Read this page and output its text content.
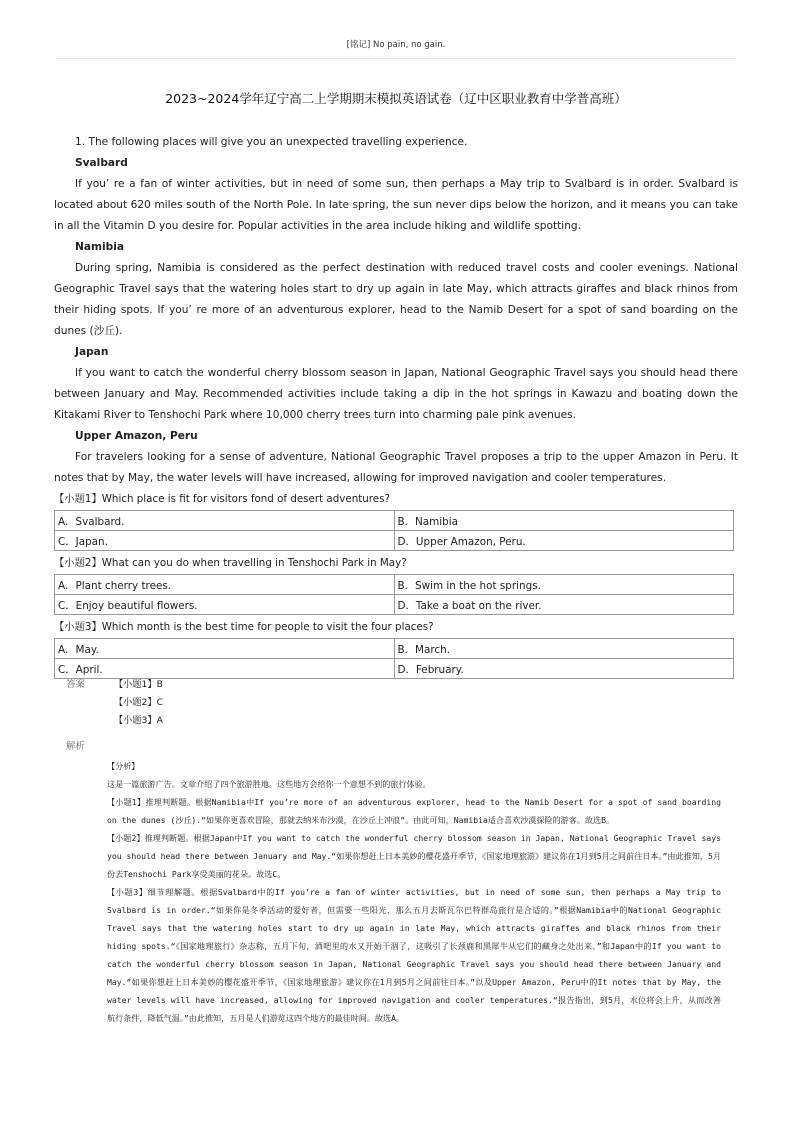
[铭记] No pain, no gain.
2023~2024学年辽宁高二上学期期末模拟英语试卷（辽中区职业教育中学普高班）
1. The following places will give you an unexpected travelling experience.
Svalbard

If you’ re a fan of winter activities, but in need of some sun, then perhaps a May trip to Svalbard is in order. Svalbard is located about 620 miles south of the North Pole. In late spring, the sun never dips below the horizon, and it means you can take in all the Vitamin D you desire for. Popular activities in the area include hiking and wildlife spotting.

Namibia

During spring, Namibia is considered as the perfect destination with reduced travel costs and cooler evenings. National Geographic Travel says that the watering holes start to dry up again in late May, which attracts giraffes and black rhinos from their hiding spots. If you’ re more of an adventurous explorer, head to the Namib Desert for a spot of sand boarding on the dunes (沙丘).

Japan

If you want to catch the wonderful cherry blossom season in Japan, National Geographic Travel says you should head there between January and May. Recommended activities include taking a dip in the hot springs in Kawazu and boating down the Kitakami River to Tenshochi Park where 10,000 cherry trees turn into charming pale pink avenues.

Upper Amazon, Peru

For travelers looking for a sense of adventure, National Geographic Travel proposes a trip to the upper Amazon in Peru. It notes that by May, the water levels will have increased, allowing for improved navigation and cooler temperatures.

【小题1】Which place is fit for visitors fond of desert adventures?
A．Svalbard.	B．Namibia
C．Japan.	D．Upper Amazon, Peru.
【小题2】What can you do when travelling in Tenshochi Park in May?
A．Plant cherry trees.	B．Swim in the hot springs.
C．Enjoy beautiful flowers.	D．Take a boat on the river.
【小题3】Which month is the best time for people to visit the four places?
A．May.	B．March.
C．April.	D．February.
答案	【小题1】B
【小题2】C
【小题3】A
解析

【分析】

这是一篇旅游广告。文章介绍了四个旅游胜地。这些地方会给你一个意想不到的旅行体验。

【小题1】推理判断题。根据Namibia中If you’re more of an adventurous explorer, head to the Namib Desert for a spot of sand boarding on the dunes (沙丘).“如果你更喜欢冒险，那就去纳米布沙漠，在沙丘上冲浪”。由此可知，Namibia适合喜欢沙漠探险的游客。故选B。

【小题2】推理判断题。根据Japan中If you want to catch the wonderful cherry blossom season in Japan, National Geographic Travel says you should head there between January and May.“如果你想赶上日本美妙的樱花盛开季节，《国家地理旅游》建议你在1月到5月之间前往日本。”由此推知，5月份去Tenshochi Park享受美丽的花朵。故选C。

【小题3】细节理解题。根据Svalbard中的If you’re a fan of winter activities, but in need of some sun, then perhaps a May trip to Svalbard is in order.“如果你是冬季活动的爱好者，但需要一些阳光，那么五月去斯瓦尔巴特群岛旅行是合适的。”根据Namibia中的National Geographic Travel says that the watering holes start to dry up again in late May, which attracts giraffes and black rhinos from their hiding spots.“《国家地理旅行》杂志称，五月下旬，酒吧里的水又开始干涸了，这吸引了长颈鹿和黑犀牛从它们的藏身之处出来。”和Japan中的If you want to catch the wonderful cherry blossom season in Japan, National Geographic Travel says you should head there between January and May.“如果你想赶上日本美妙的樱花盛开季节，《国家地理旅游》建议你在1月到5月之间前往日本。”以及Upper Amazon, Peru中的It notes that by May, the water levels will have increased, allowing for improved navigation and cooler temperatures.“报告指出，到5月，水位将会上升，从而改善航行条件，降低气温。”由此推知，五月是人们游览这四个地方的最佳时间。故选A。
